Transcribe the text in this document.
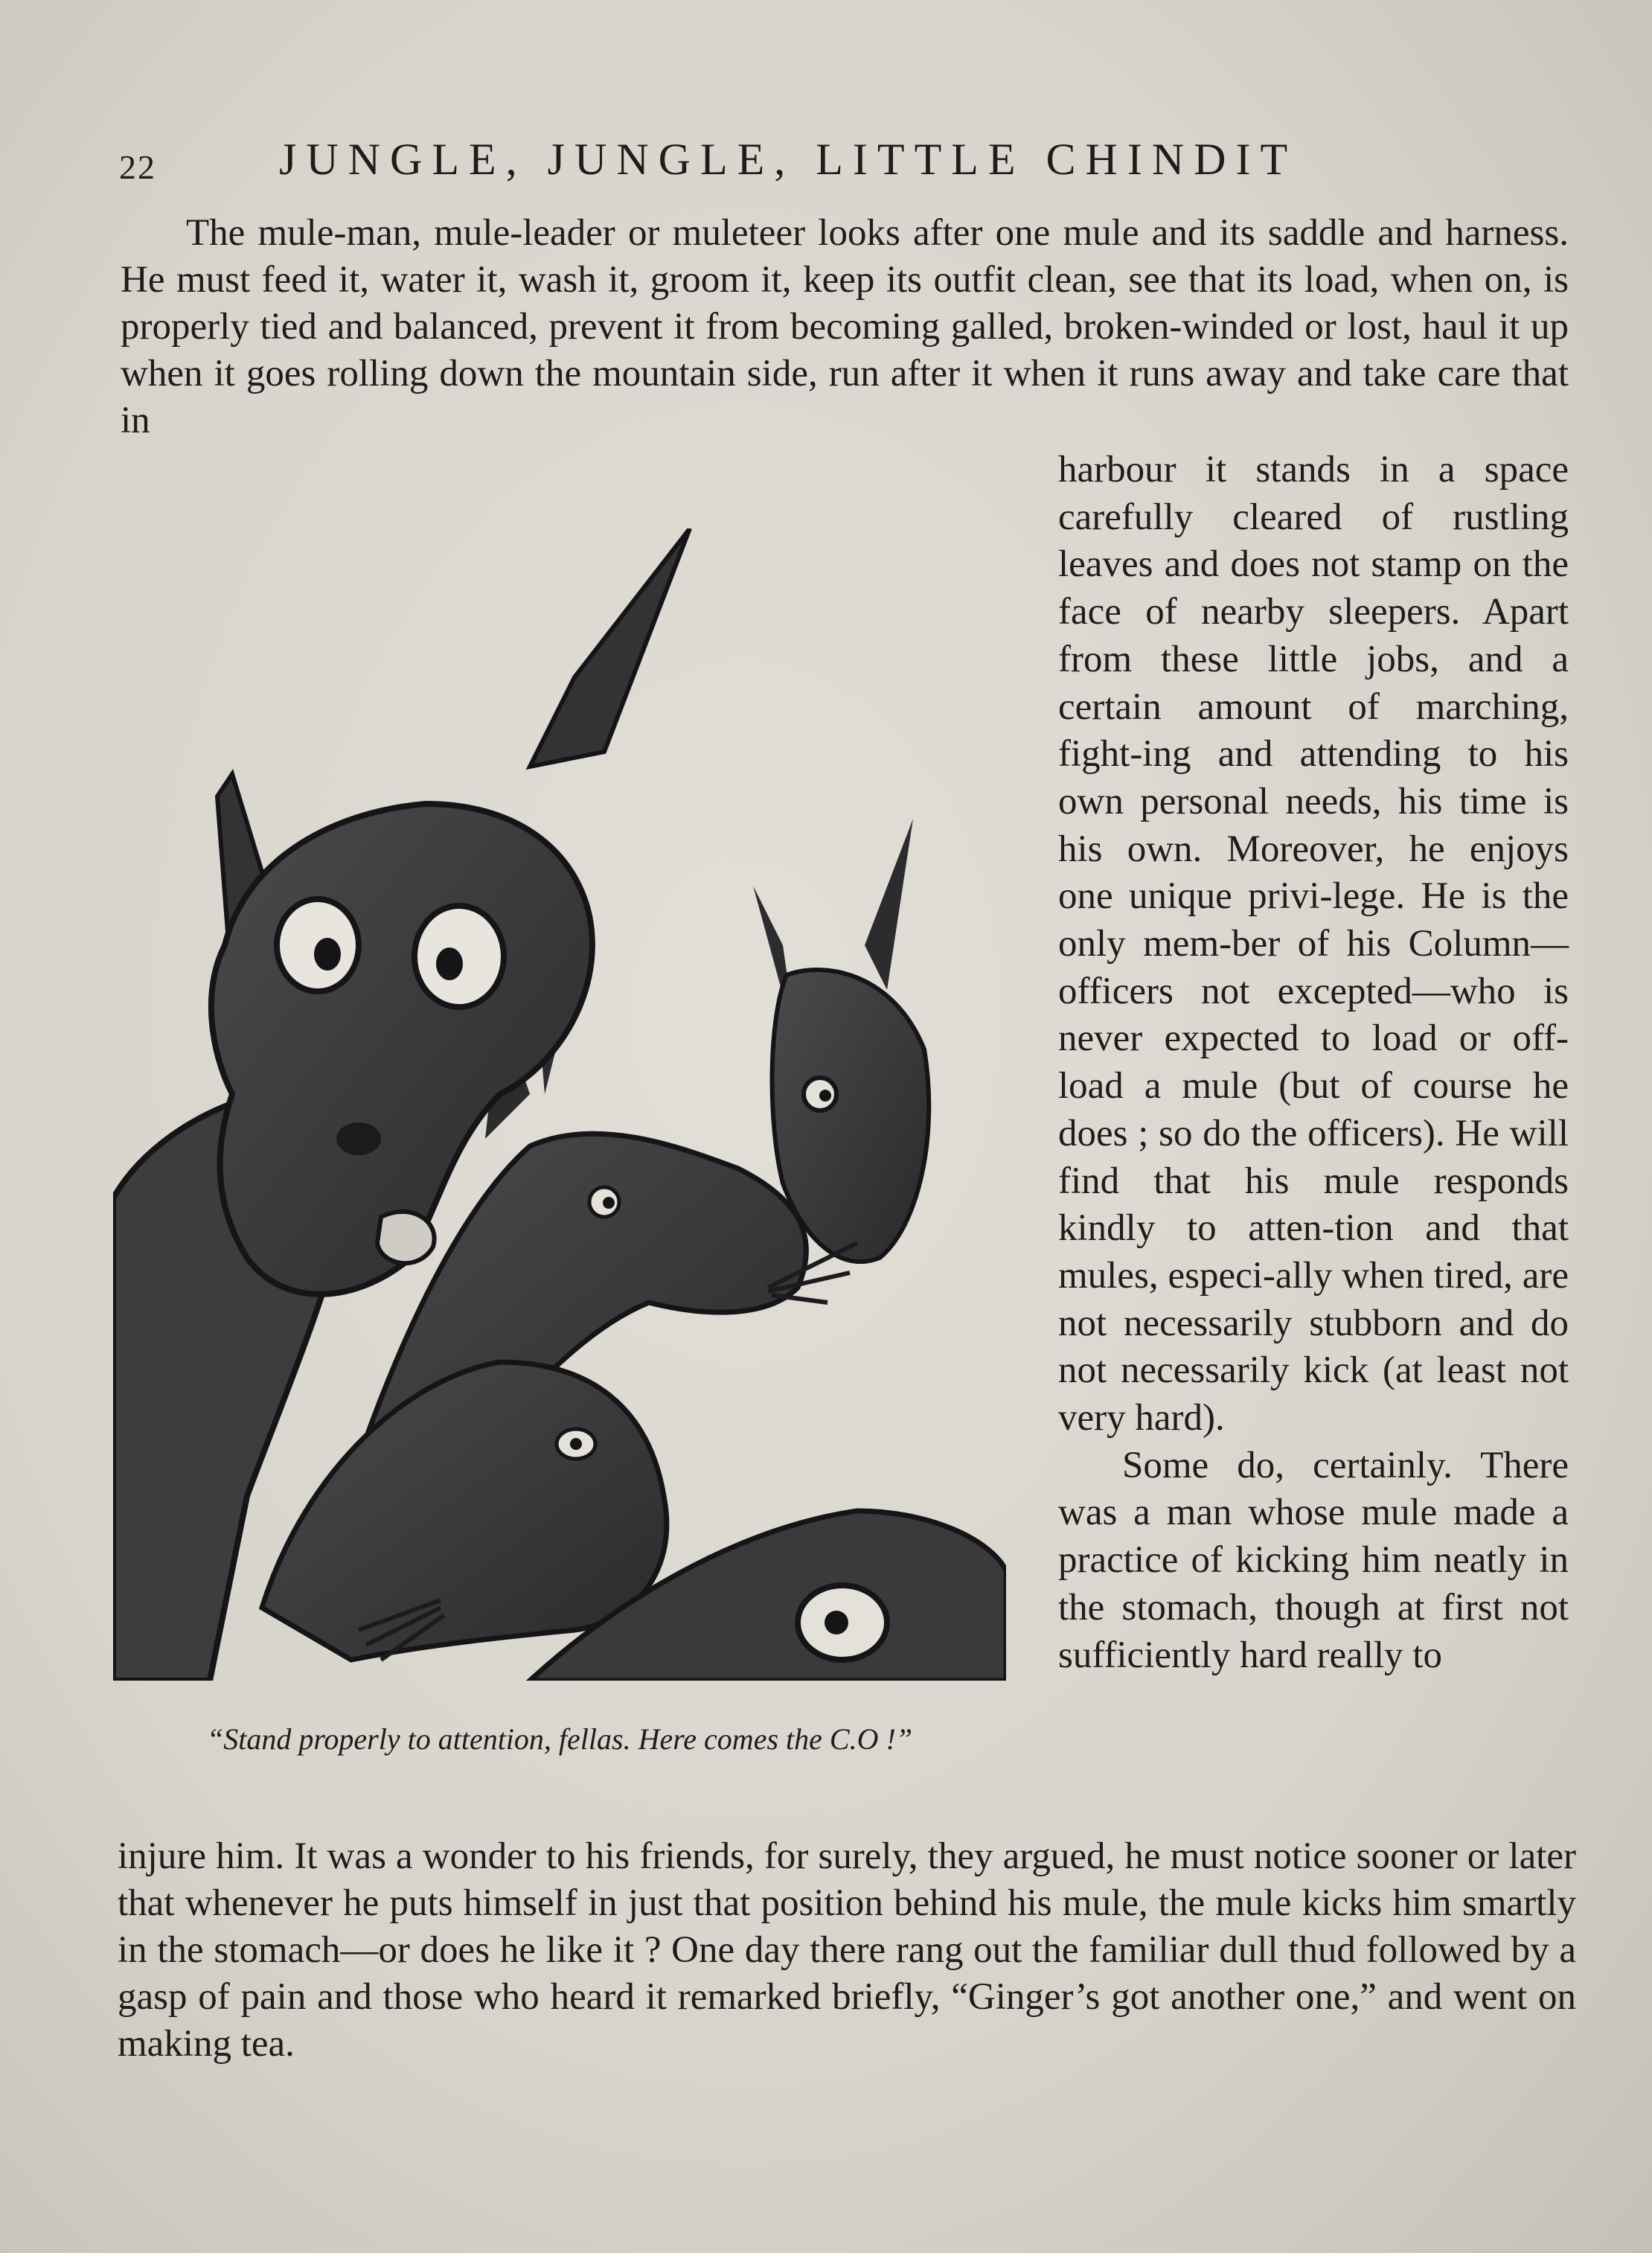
22	JUNGLE, JUNGLE, LITTLE CHINDIT
The mule-man, mule-leader or muleteer looks after one mule and its saddle and harness. He must feed it, water it, wash it, groom it, keep its outfit clean, see that its load, when on, is properly tied and balanced, prevent it from becoming galled, broken-winded or lost, haul it up when it goes rolling down the mountain side, run after it when it runs away and take care that in

harbour it stands in a space carefully cleared of rustling leaves and does not stamp on the face of nearby sleepers. Apart from these little jobs, and a certain amount of marching, fight-ing and attending to his own personal needs, his time is his own. Moreover, he enjoys one unique privi-lege. He is the only mem-ber of his Column—officers not excepted—who is never expected to load or off-load a mule (but of course he does ; so do the officers). He will find that his mule responds kindly to atten-tion and that mules, especi-ally when tired, are not necessarily stubborn and do not necessarily kick (at least not very hard).

Some do, certainly. There was a man whose mule made a practice of kicking him neatly in the stomach, though at first not sufficiently hard really to

“Stand properly to attention, fellas. Here comes the C.O !”
injure him. It was a wonder to his friends, for surely, they argued, he must notice sooner or later that whenever he puts himself in just that position behind his mule, the mule kicks him smartly in the stomach—or does he like it ? One day there rang out the familiar dull thud followed by a gasp of pain and those who heard it remarked briefly, “Ginger’s got another one,” and went on making tea.
